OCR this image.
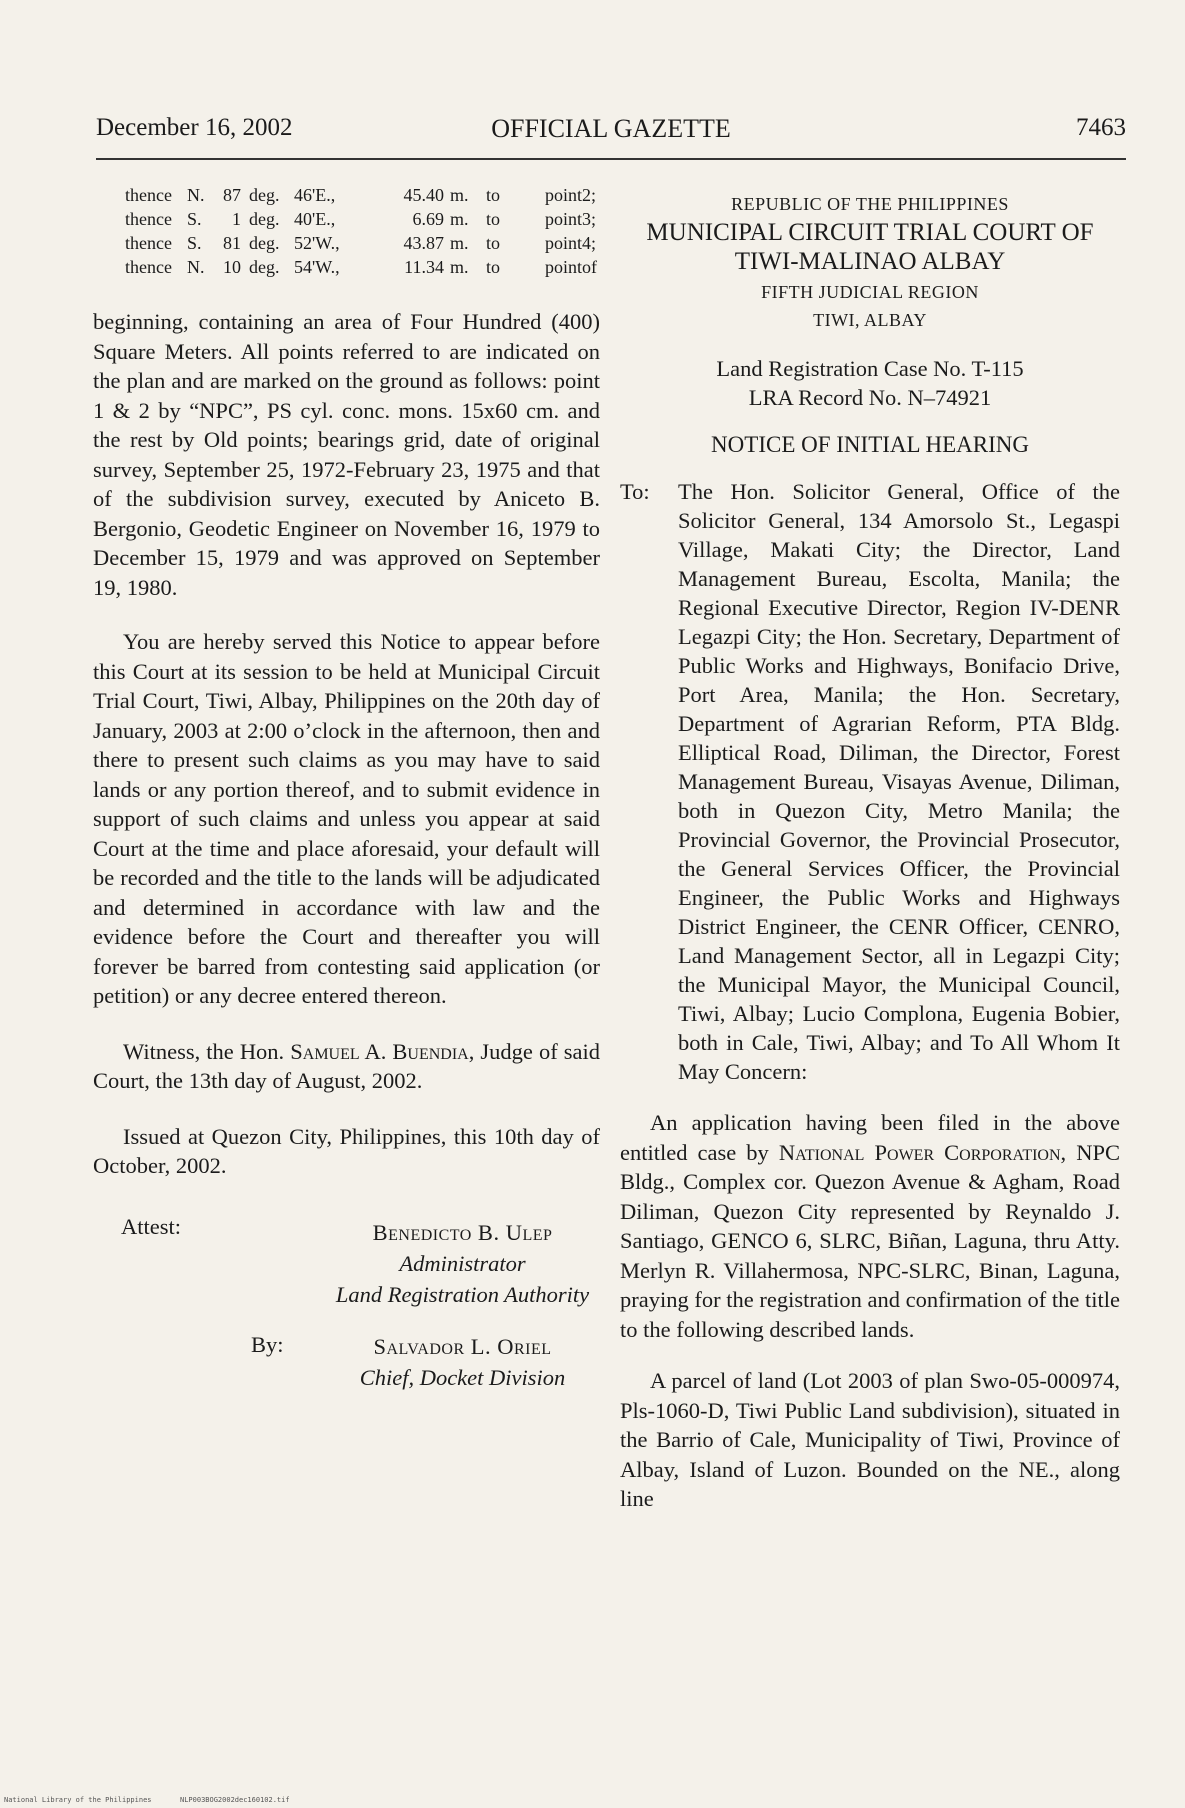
December 16, 2002	OFFICIAL GAZETTE	7463
thence	N.	87	deg.	46'E.,	45.40	m.	to	point	2;
thence	S.	1	deg.	40'E.,	6.69	m.	to	point	3;
thence	S.	81	deg.	52'W.,	43.87	m.	to	point	4;
thence	N.	10	deg.	54'W.,	11.34	m.	to	point	of

beginning, containing an area of Four Hundred (400) Square Meters. All points referred to are indicated on the plan and are marked on the ground as follows: point 1 & 2 by “NPC”, PS cyl. conc. mons. 15x60 cm. and the rest by Old points; bearings grid, date of original survey, September 25, 1972-February 23, 1975 and that of the subdivision survey, executed by Aniceto B. Bergonio, Geodetic Engineer on November 16, 1979 to December 15, 1979 and was approved on September 19, 1980.

You are hereby served this Notice to appear before this Court at its session to be held at Municipal Circuit Trial Court, Tiwi, Albay, Philippines on the 20th day of January, 2003 at 2:00 o’clock in the afternoon, then and there to present such claims as you may have to said lands or any portion thereof, and to submit evidence in support of such claims and unless you appear at said Court at the time and place aforesaid, your default will be recorded and the title to the lands will be adjudicated and determined in accordance with law and the evidence before the Court and thereafter you will forever be barred from contesting said application (or petition) or any decree entered thereon.

Witness, the Hon. Samuel A. Buendia, Judge of said Court, the 13th day of August, 2002.

Issued at Quezon City, Philippines, this 10th day of October, 2002.

Attest:	Benedicto B. Ulep
Administrator
Land Registration Authority
By:	Salvador L. Oriel
Chief, Docket Division
REPUBLIC OF THE PHILIPPINES
MUNICIPAL CIRCUIT TRIAL COURT OF
TIWI-MALINAO ALBAY
FIFTH JUDICIAL REGION
TIWI, ALBAY
Land Registration Case No. T-115
LRA Record No. N–74921
NOTICE OF INITIAL HEARING
To: The Hon. Solicitor General, Office of the Solicitor General, 134 Amorsolo St., Legaspi Village, Makati City; the Director, Land Management Bureau, Escolta, Manila; the Regional Executive Director, Region IV-DENR Legazpi City; the Hon. Secretary, Department of Public Works and Highways, Bonifacio Drive, Port Area, Manila; the Hon. Secretary, Department of Agrarian Reform, PTA Bldg. Elliptical Road, Diliman, the Director, Forest Management Bureau, Visayas Avenue, Diliman, both in Quezon City, Metro Manila; the Provincial Governor, the Provincial Prosecutor, the General Services Officer, the Provincial Engineer, the Public Works and Highways District Engineer, the CENR Officer, CENRO, Land Management Sector, all in Legazpi City; the Municipal Mayor, the Municipal Council, Tiwi, Albay; Lucio Complona, Eugenia Bobier, both in Cale, Tiwi, Albay; and To All Whom It May Concern:

An application having been filed in the above entitled case by National Power Corporation, NPC Bldg., Complex cor. Quezon Avenue & Agham, Road Diliman, Quezon City represented by Reynaldo J. Santiago, GENCO 6, SLRC, Biñan, Laguna, thru Atty. Merlyn R. Villahermosa, NPC-SLRC, Binan, Laguna, praying for the registration and confirmation of the title to the following described lands.

A parcel of land (Lot 2003 of plan Swo-05-000974, Pls-1060-D, Tiwi Public Land subdivision), situated in the Barrio of Cale, Municipality of Tiwi, Province of Albay, Island of Luzon. Bounded on the NE., along line

National Library of the Philippines	NLP003BOG2002dec160102.tif
